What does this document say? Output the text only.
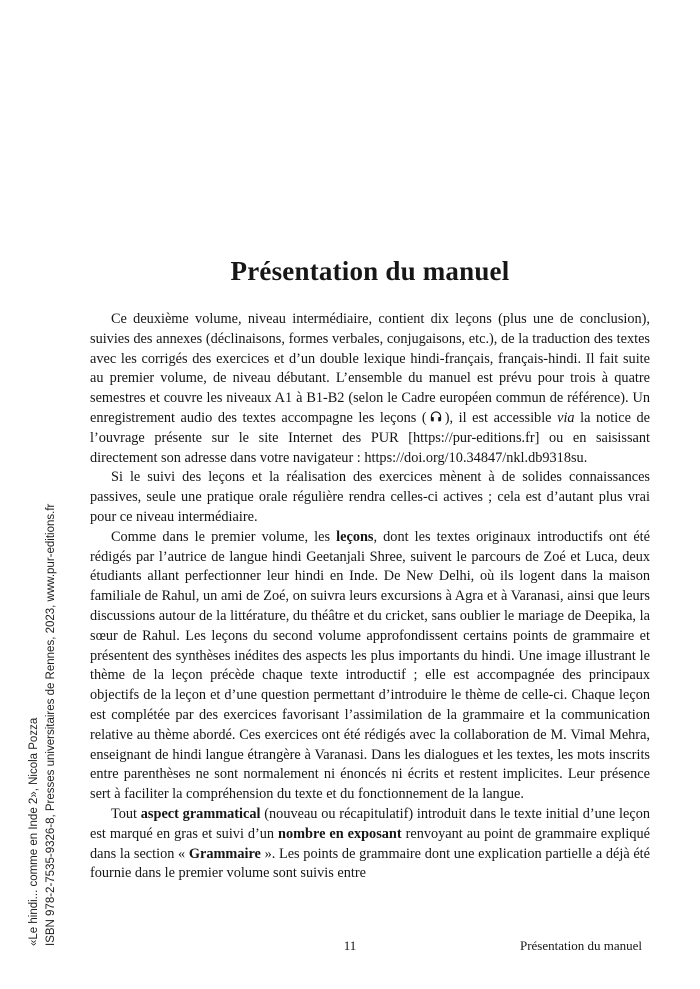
«Le hindi... comme en Inde 2», Nicola Pozza ISBN 978-2-7535-9326-8, Presses universitaires de Rennes, 2023, www.pur-editions.fr
Présentation du manuel

Ce deuxième volume, niveau intermédiaire, contient dix leçons (plus une de conclusion), suivies des annexes (déclinaisons, formes verbales, conjugaisons, etc.), de la traduction des textes avec les corrigés des exercices et d’un double lexique hindi-français, français-hindi. Il fait suite au premier volume, de niveau débutant. L’ensemble du manuel est prévu pour trois à quatre semestres et couvre les niveaux A1 à B1-B2 (selon le Cadre européen commun de référence). Un enregistrement audio des textes accompagne les leçons ( ), il est accessible via la notice de l’ouvrage présente sur le site Internet des PUR [https://pur-editions.fr] ou en saisissant directement son adresse dans votre navigateur : https://doi.org/10.34847/nkl.db9318su.

Si le suivi des leçons et la réalisation des exercices mènent à de solides connaissances passives, seule une pratique orale régulière rendra celles-ci actives ; cela est d’autant plus vrai pour ce niveau intermédiaire.

Comme dans le premier volume, les leçons, dont les textes originaux introductifs ont été rédigés par l’autrice de langue hindi Geetanjali Shree, suivent le parcours de Zoé et Luca, deux étudiants allant perfectionner leur hindi en Inde. De New Delhi, où ils logent dans la maison familiale de Rahul, un ami de Zoé, on suivra leurs excursions à Agra et à Varanasi, ainsi que leurs discussions autour de la littérature, du théâtre et du cricket, sans oublier le mariage de Deepika, la sœur de Rahul. Les leçons du second volume approfondissent certains points de grammaire et présentent des synthèses inédites des aspects les plus importants du hindi. Une image illustrant le thème de la leçon précède chaque texte introductif ; elle est accompagnée des principaux objectifs de la leçon et d’une question permettant d’introduire le thème de celle-ci. Chaque leçon est complétée par des exercices favorisant l’assimilation de la grammaire et la communication relative au thème abordé. Ces exercices ont été rédigés avec la collaboration de M. Vimal Mehra, enseignant de hindi langue étrangère à Varanasi. Dans les dialogues et les textes, les mots inscrits entre parenthèses ne sont normalement ni énoncés ni écrits et restent implicites. Leur présence sert à faciliter la compréhension du texte et du fonctionnement de la langue.

Tout aspect grammatical (nouveau ou récapitulatif) introduit dans le texte initial d’une leçon est marqué en gras et suivi d’un nombre en exposant renvoyant au point de grammaire expliqué dans la section « Grammaire ». Les points de grammaire dont une explication partielle a déjà été fournie dans le premier volume sont suivis entre

11	Présentation du manuel
